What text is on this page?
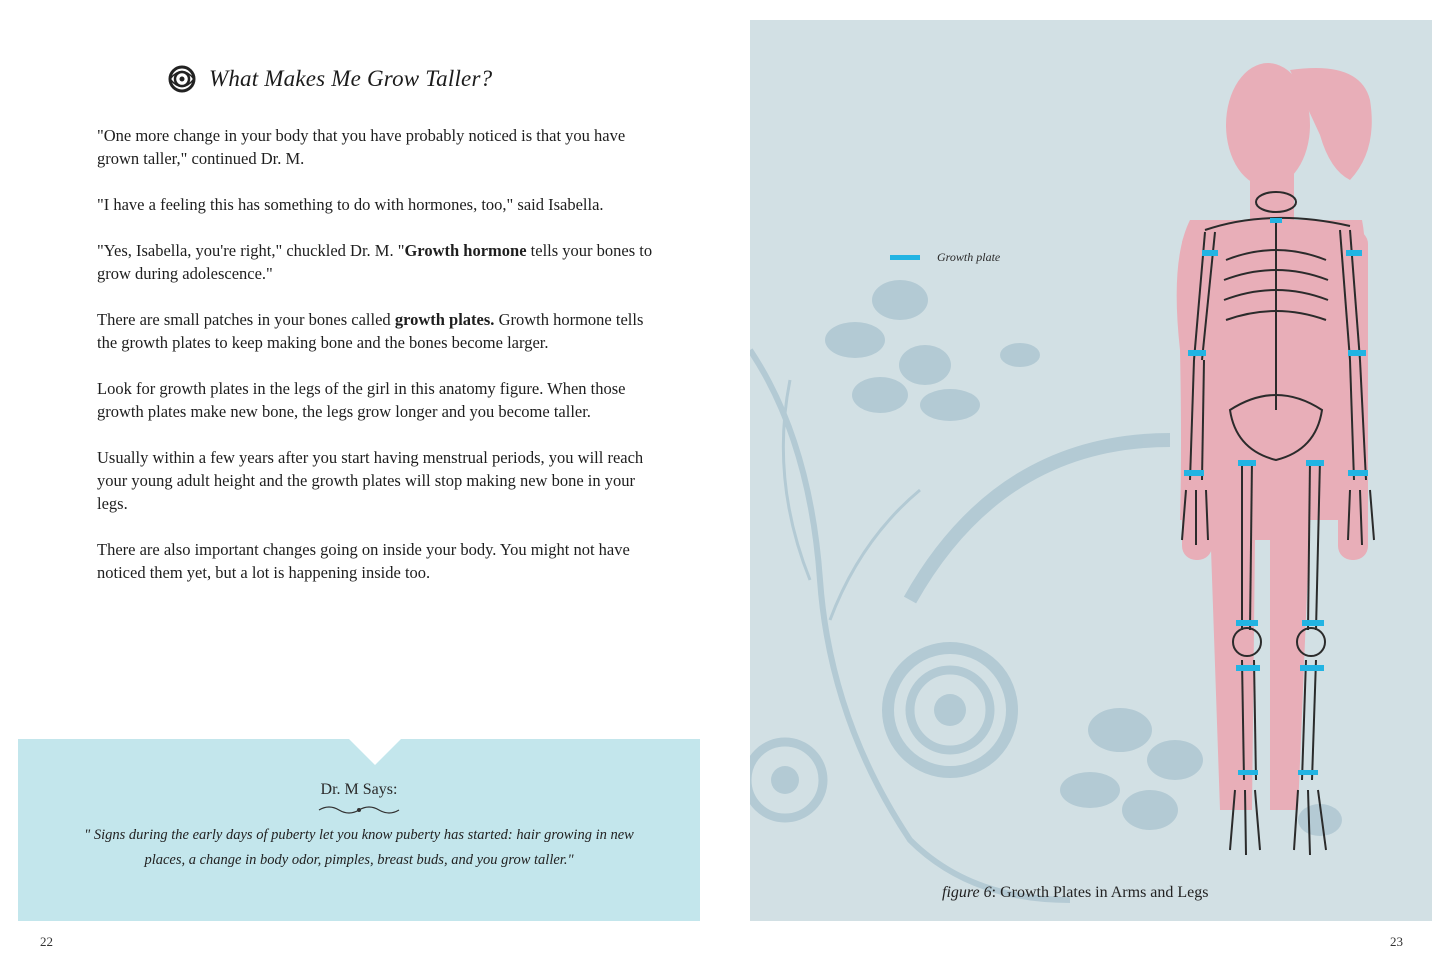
What Makes Me Grow Taller?

"One more change in your body that you have probably noticed is that you have grown taller," continued Dr. M.

"I have a feeling this has something to do with hormones, too," said Isabella.

"Yes, Isabella, you're right," chuckled Dr. M. "Growth hormone tells your bones to grow during adolescence."

There are small patches in your bones called growth plates. Growth hormone tells the growth plates to keep making bone and the bones become larger.

Look for growth plates in the legs of the girl in this anatomy figure. When those growth plates make new bone, the legs grow longer and you become taller.

Usually within a few years after you start having menstrual periods, you will reach your young adult height and the growth plates will stop making new bone in your legs.

There are also important changes going on inside your body. You might not have noticed them yet, but a lot is happening inside too.

Dr. M Says:
" Signs during the early days of puberty let you know puberty has started: hair growing in new places, a change in body odor, pimples, breast buds, and you grow taller."
22
Growth plate
figure 6: Growth Plates in Arms and Legs
23
